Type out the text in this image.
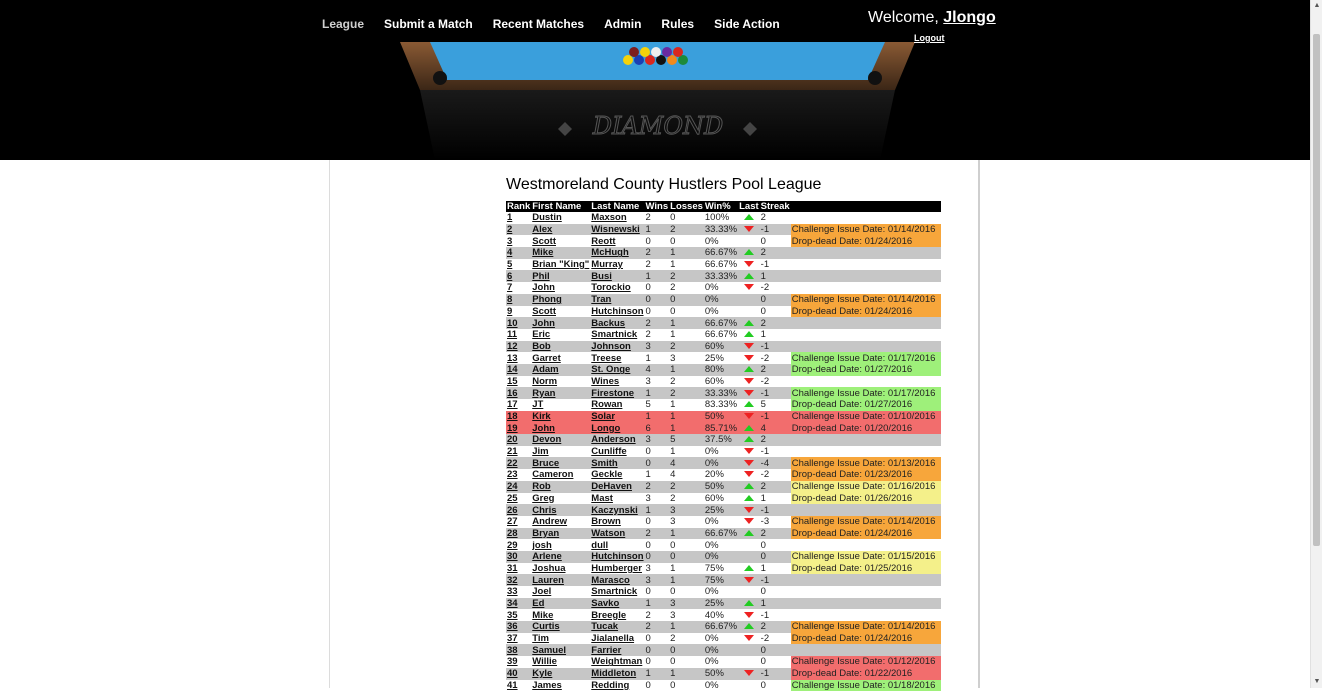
DIAMOND
League	Submit a Match	Recent Matches	Admin	Rules	Side Action	Welcome, Jlongo
Logout
Westmoreland County Hustlers Pool League
Rank	First Name	Last Name	Wins	Losses	Win%	Last	Streak	
1	Dustin	Maxson	2	0	100%		2	
2	Alex	Wisnewski	1	2	33.33%		-1	Challenge Issue Date: 01/14/2016
3	Scott	Reott	0	0	0%		0	Drop-dead Date: 01/24/2016
4	Mike	McHugh	2	1	66.67%		2	
5	Brian "King"	Murray	2	1	66.67%		-1	
6	Phil	Busi	1	2	33.33%		1	
7	John	Torockio	0	2	0%		-2	
8	Phong	Tran	0	0	0%		0	Challenge Issue Date: 01/14/2016
9	Scott	Hutchinson	0	0	0%		0	Drop-dead Date: 01/24/2016
10	John	Backus	2	1	66.67%		2	
11	Eric	Smartnick	2	1	66.67%		1	
12	Bob	Johnson	3	2	60%		-1	
13	Garret	Treese	1	3	25%		-2	Challenge Issue Date: 01/17/2016
14	Adam	St. Onge	4	1	80%		2	Drop-dead Date: 01/27/2016
15	Norm	Wines	3	2	60%		-2	
16	Ryan	Firestone	1	2	33.33%		-1	Challenge Issue Date: 01/17/2016
17	JT	Rowan	5	1	83.33%		5	Drop-dead Date: 01/27/2016
18	Kirk	Solar	1	1	50%		-1	Challenge Issue Date: 01/10/2016
19	John	Longo	6	1	85.71%		4	Drop-dead Date: 01/20/2016
20	Devon	Anderson	3	5	37.5%		2	
21	Jim	Cunliffe	0	1	0%		-1	
22	Bruce	Smith	0	4	0%		-4	Challenge Issue Date: 01/13/2016
23	Cameron	Geckle	1	4	20%		-2	Drop-dead Date: 01/23/2016
24	Rob	DeHaven	2	2	50%		2	Challenge Issue Date: 01/16/2016
25	Greg	Mast	3	2	60%		1	Drop-dead Date: 01/26/2016
26	Chris	Kaczynski	1	3	25%		-1	
27	Andrew	Brown	0	3	0%		-3	Challenge Issue Date: 01/14/2016
28	Bryan	Watson	2	1	66.67%		2	Drop-dead Date: 01/24/2016
29	josh	dull	0	0	0%		0	
30	Arlene	Hutchinson	0	0	0%		0	Challenge Issue Date: 01/15/2016
31	Joshua	Humberger	3	1	75%		1	Drop-dead Date: 01/25/2016
32	Lauren	Marasco	3	1	75%		-1	
33	Joel	Smartnick	0	0	0%		0	
34	Ed	Savko	1	3	25%		1	
35	Mike	Breegle	2	3	40%		-1	
36	Curtis	Tucak	2	1	66.67%		2	Challenge Issue Date: 01/14/2016
37	Tim	Jialanella	0	2	0%		-2	Drop-dead Date: 01/24/2016
38	Samuel	Farrier	0	0	0%		0	
39	Willie	Weightman	0	0	0%		0	Challenge Issue Date: 01/12/2016
40	Kyle	Middleton	1	1	50%		-1	Drop-dead Date: 01/22/2016
41	James	Redding	0	0	0%		0	Challenge Issue Date: 01/18/2016
▲
▼
